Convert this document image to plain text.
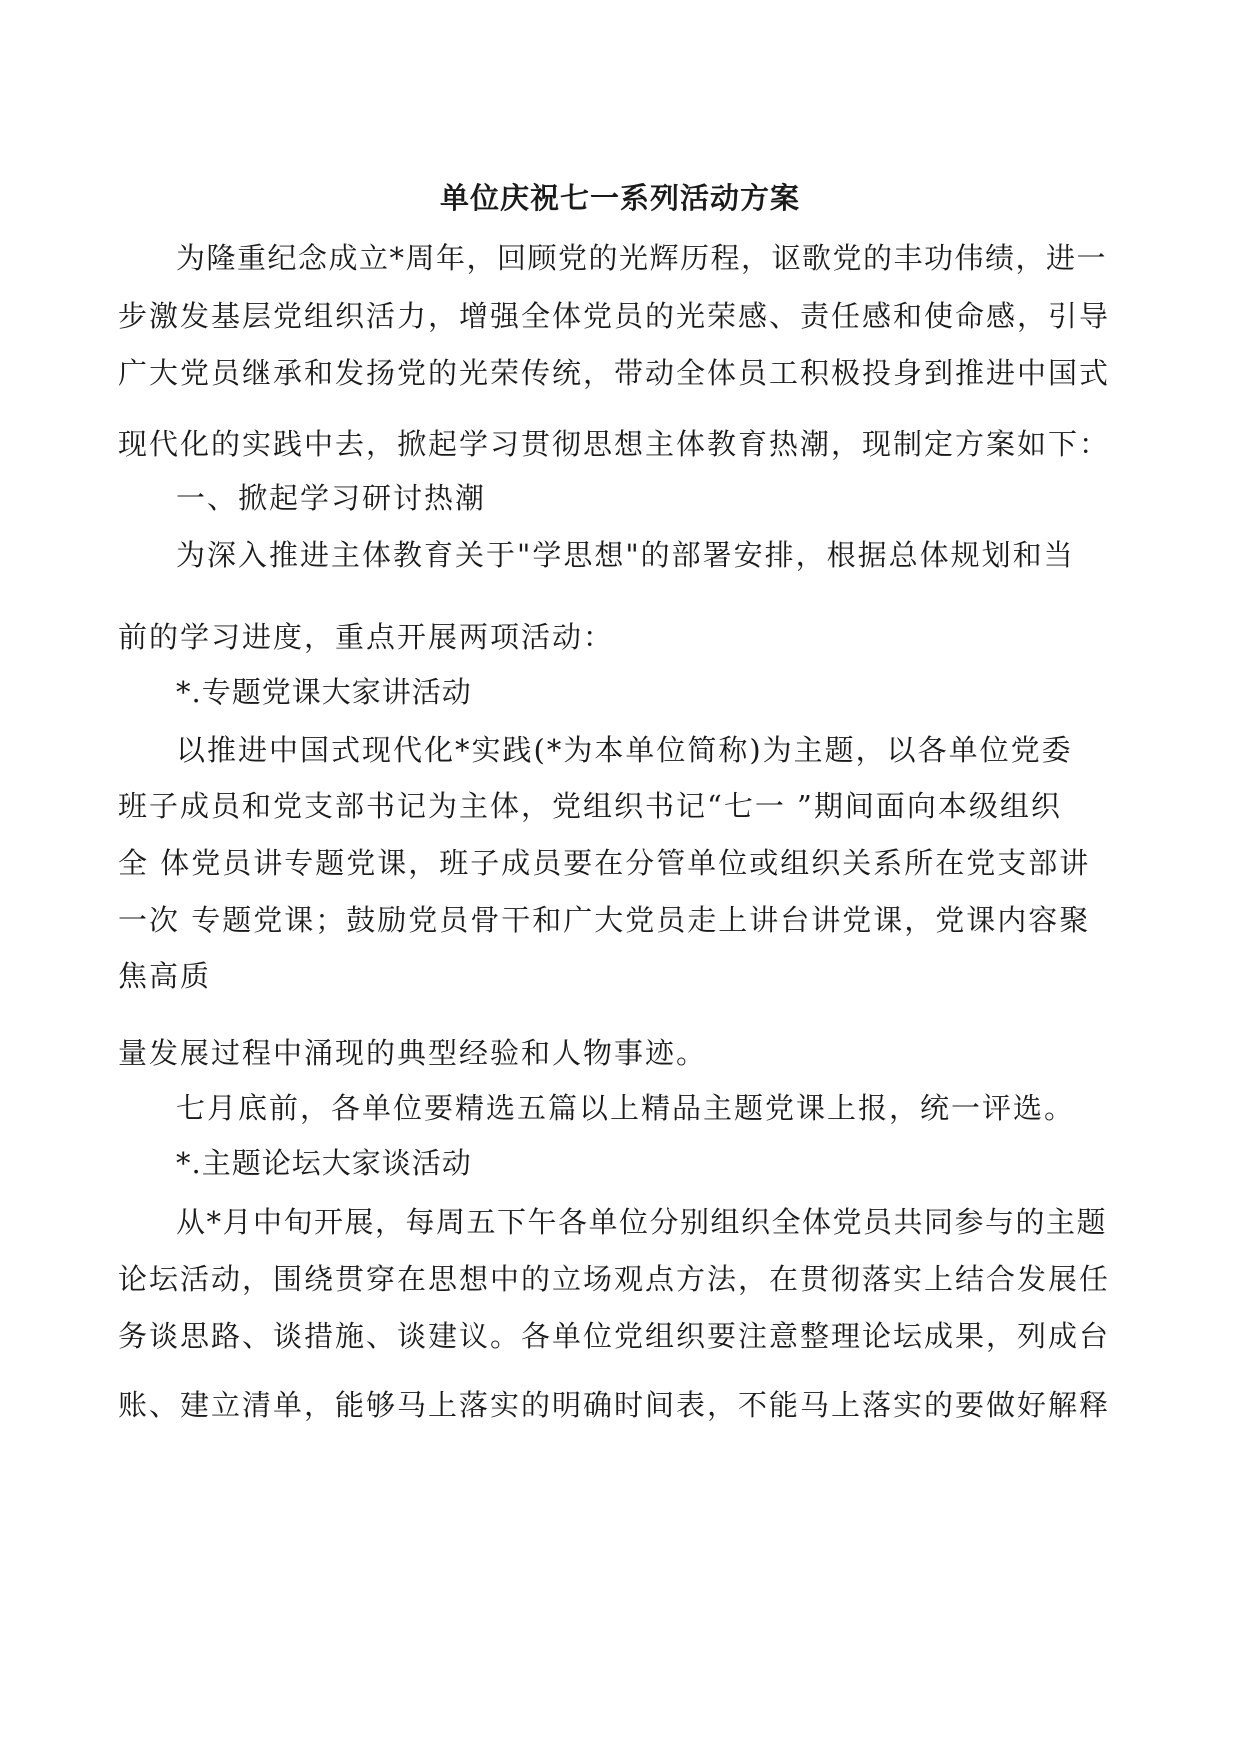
单位庆祝七一系列活动方案
为隆重纪念成立*周年，回顾党的光辉历程，讴歌党的丰功伟绩，进一
步激发基层党组织活力，增强全体党员的光荣感、责任感和使命感，引导
广大党员继承和发扬党的光荣传统，带动全体员工积极投身到推进中国式
现代化的实践中去，掀起学习贯彻思想主体教育热潮，现制定方案如下：
一、掀起学习研讨热潮
为深入推进主体教育关于"学思想"的部署安排，根据总体规划和当
前的学习进度，重点开展两项活动：
*.专题党课大家讲活动
以推进中国式现代化*实践(*为本单位简称)为主题，以各单位党委
班子成员和党支部书记为主体，党组织书记“七一 ”期间面向本级组织
全 体党员讲专题党课，班子成员要在分管单位或组织关系所在党支部讲
一次 专题党课；鼓励党员骨干和广大党员走上讲台讲党课，党课内容聚
焦高质
量发展过程中涌现的典型经验和人物事迹。
七月底前，各单位要精选五篇以上精品主题党课上报，统一评选。
*.主题论坛大家谈活动
从*月中旬开展，每周五下午各单位分别组织全体党员共同参与的主题
论坛活动，围绕贯穿在思想中的立场观点方法，在贯彻落实上结合发展任
务谈思路、谈措施、谈建议。各单位党组织要注意整理论坛成果，列成台
账、建立清单，能够马上落实的明确时间表，不能马上落实的要做好解释
